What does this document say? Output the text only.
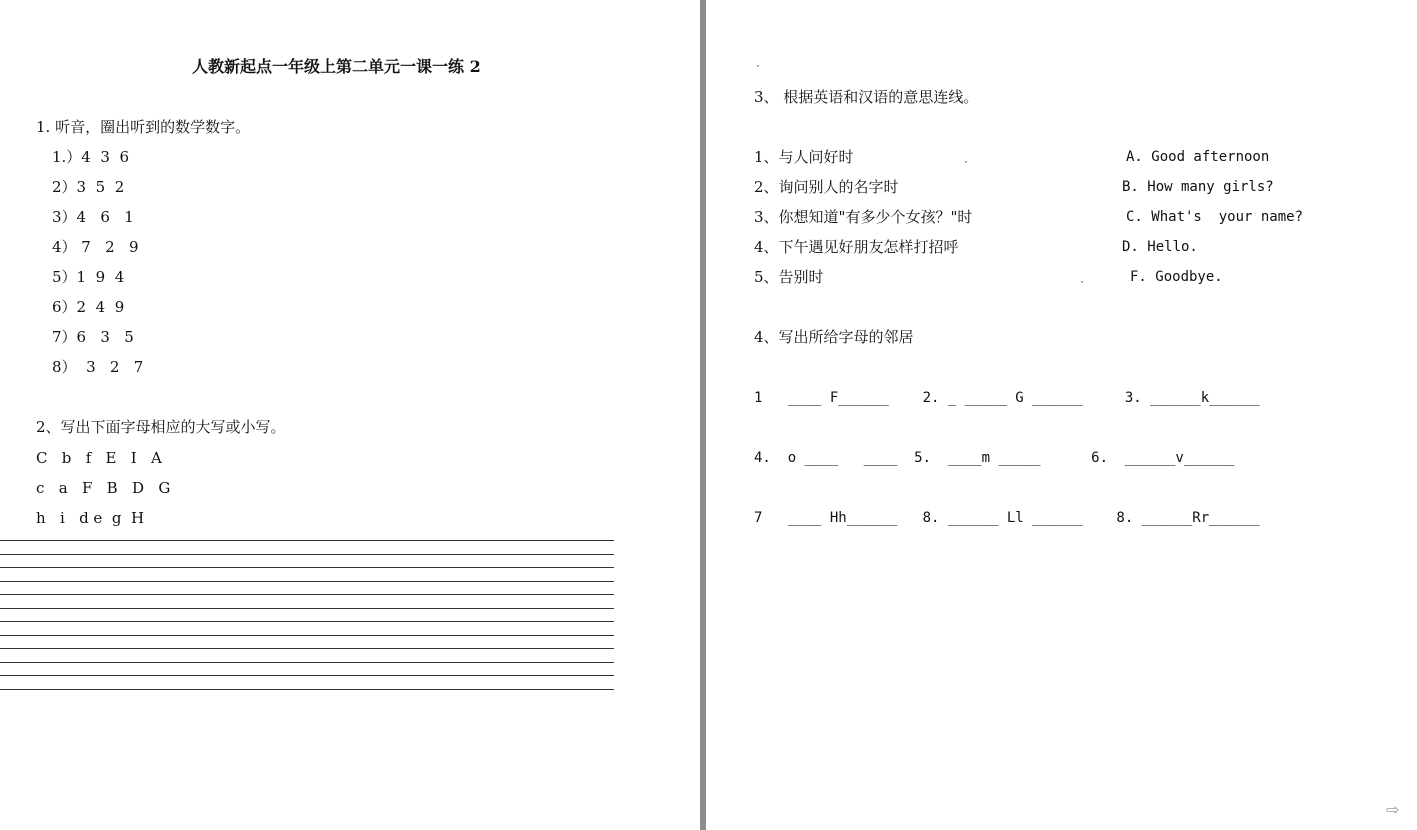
人教新起点一年级上第二单元一课一练 2
1. 听音，圈出听到的数学数字。
1.）4  3  6
2）3  5  2
3）4   6   1
4） 7   2   9
5）1  9  4
6）2  4  9
7）6   3   5
8）  3   2   7
2、写出下面字母相应的大写或小写。
C   b   f   E   I   A
c   a   F   B   D   G
h   i   d e  g  H
3、 根据英语和汉语的意思连线。
1、与人问好时
2、询问别人的名字时
3、你想知道"有多少个女孩？"时
4、下午遇见好朋友怎样打招呼
5、告别时
A. Good afternoon
B. How many girls?
C. What's  your name?
D. Hello.
F. Goodbye.
4、写出所给字母的邻居
1   ____ F______    2. _ _____ G ______     3. ______k______
4.  o ____   ____  5.  ____m _____      6.  ______v______
7   ____ Hh______   8. ______ Ll ______    8. ______Rr______
⇨
